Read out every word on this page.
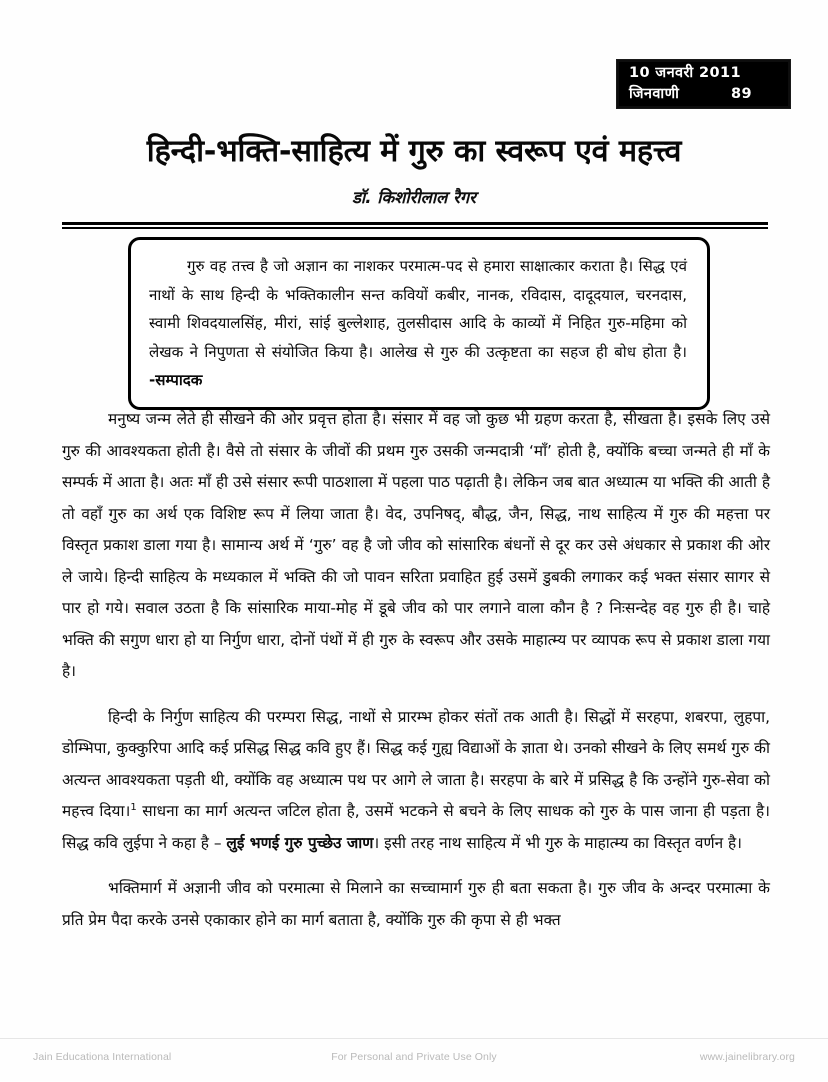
10 जनवरी 2011
जिनवाणी	89
हिन्दी-भक्ति-साहित्य में गुरु का स्वरूप एवं महत्त्व
डॉ. किशोरीलाल रैगर
गुरु वह तत्त्व है जो अज्ञान का नाशकर परमात्म-पद से हमारा साक्षात्कार कराता है। सिद्ध एवं नाथों के साथ हिन्दी के भक्तिकालीन सन्त कवियों कबीर, नानक, रविदास, दादूदयाल, चरनदास, स्वामी शिवदयालसिंह, मीरां, सांई बुल्लेशाह, तुलसीदास आदि के काव्यों में निहित गुरु-महिमा को लेखक ने निपुणता से संयोजित किया है। आलेख से गुरु की उत्कृष्टता का सहज ही बोध होता है। -सम्पादक

मनुष्य जन्म लेते ही सीखने की ओर प्रवृत्त होता है। संसार में वह जो कुछ भी ग्रहण करता है, सीखता है। इसके लिए उसे गुरु की आवश्यकता होती है। वैसे तो संसार के जीवों की प्रथम गुरु उसकी जन्मदात्री ‘माँ’ होती है, क्योंकि बच्चा जन्मते ही माँ के सम्पर्क में आता है। अतः माँ ही उसे संसार रूपी पाठशाला में पहला पाठ पढ़ाती है। लेकिन जब बात अध्यात्म या भक्ति की आती है तो वहाँ गुरु का अर्थ एक विशिष्ट रूप में लिया जाता है। वेद, उपनिषद्, बौद्ध, जैन, सिद्ध, नाथ साहित्य में गुरु की महत्ता पर विस्तृत प्रकाश डाला गया है। सामान्य अर्थ में ‘गुरु’ वह है जो जीव को सांसारिक बंधनों से दूर कर उसे अंधकार से प्रकाश की ओर ले जाये। हिन्दी साहित्य के मध्यकाल में भक्ति की जो पावन सरिता प्रवाहित हुई उसमें डुबकी लगाकर कई भक्त संसार सागर से पार हो गये। सवाल उठता है कि सांसारिक माया-मोह में डूबे जीव को पार लगाने वाला कौन है ? निःसन्देह वह गुरु ही है। चाहे भक्ति की सगुण धारा हो या निर्गुण धारा, दोनों पंथों में ही गुरु के स्वरूप और उसके माहात्म्य पर व्यापक रूप से प्रकाश डाला गया है।

हिन्दी के निर्गुण साहित्य की परम्परा सिद्ध, नाथों से प्रारम्भ होकर संतों तक आती है। सिद्धों में सरहपा, शबरपा, लुहपा, डोम्भिपा, कुक्कुरिपा आदि कई प्रसिद्ध सिद्ध कवि हुए हैं। सिद्ध कई गुह्य विद्याओं के ज्ञाता थे। उनको सीखने के लिए समर्थ गुरु की अत्यन्त आवश्यकता पड़ती थी, क्योंकि वह अध्यात्म पथ पर आगे ले जाता है। सरहपा के बारे में प्रसिद्ध है कि उन्होंने गुरु-सेवा को महत्त्व दिया।$^1$ साधना का मार्ग अत्यन्त जटिल होता है, उसमें भटकने से बचने के लिए साधक को गुरु के पास जाना ही पड़ता है। सिद्ध कवि लुईपा ने कहा है – लुई भणई गुरु पुच्छेउ जाण। इसी तरह नाथ साहित्य में भी गुरु के माहात्म्य का विस्तृत वर्णन है।

भक्तिमार्ग में अज्ञानी जीव को परमात्मा से मिलाने का सच्चामार्ग गुरु ही बता सकता है। गुरु जीव के अन्दर परमात्मा के प्रति प्रेम पैदा करके उनसे एकाकार होने का मार्ग बताता है, क्योंकि गुरु की कृपा से ही भक्त

Jain Educationa International	For Personal and Private Use Only	www.jainelibrary.org
